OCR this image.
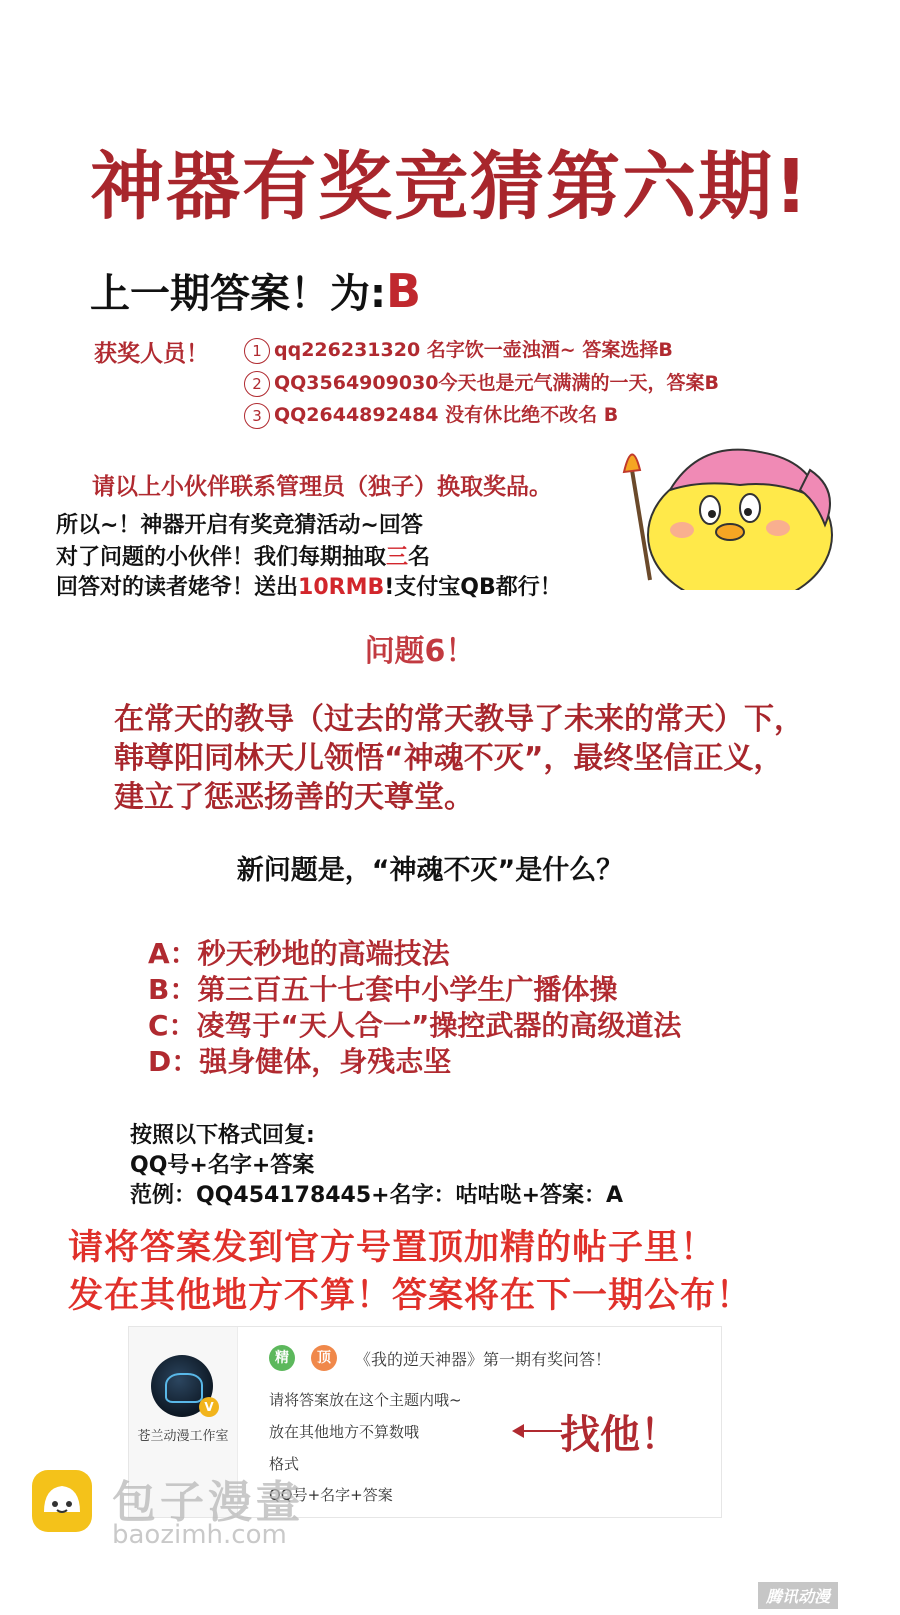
神器有奖竞猜第六期!
上一期答案！为:B
获奖人员！	1 qq226231320 名字饮一壶浊酒~ 答案选择B
2 QQ3564909030今天也是元气满满的一天，答案B
3 QQ2644892484 没有休比绝不改名 B
请以上小伙伴联系管理员（独子）换取奖品。
所以~！神器开启有奖竞猜活动~回答
对了问题的小伙伴！我们每期抽取三名
回答对的读者姥爷！送出10RMB!支付宝QB都行！
问题6！
在常天的教导（过去的常天教导了未来的常天）下，
韩尊阳同林天儿领悟“神魂不灭”，最终坚信正义，
建立了惩恶扬善的天尊堂。
新问题是，“神魂不灭”是什么？
A：秒天秒地的高端技法
B：第三百五十七套中小学生广播体操
C：凌驾于“天人合一”操控武器的高级道法
D：强身健体，身残志坚
按照以下格式回复:
QQ号+名字+答案
范例：QQ454178445+名字：咕咕哒+答案：A
请将答案发到官方号置顶加精的帖子里！
发在其他地方不算！答案将在下一期公布！
V
苍兰动漫工作室
精	顶	《我的逆天神器》第一期有奖问答！
请将答案放在这个主题内哦~
放在其他地方不算数哦
格式
QQ号+名字+答案
找他！
包子漫畫
baozimh.com
腾讯动漫
